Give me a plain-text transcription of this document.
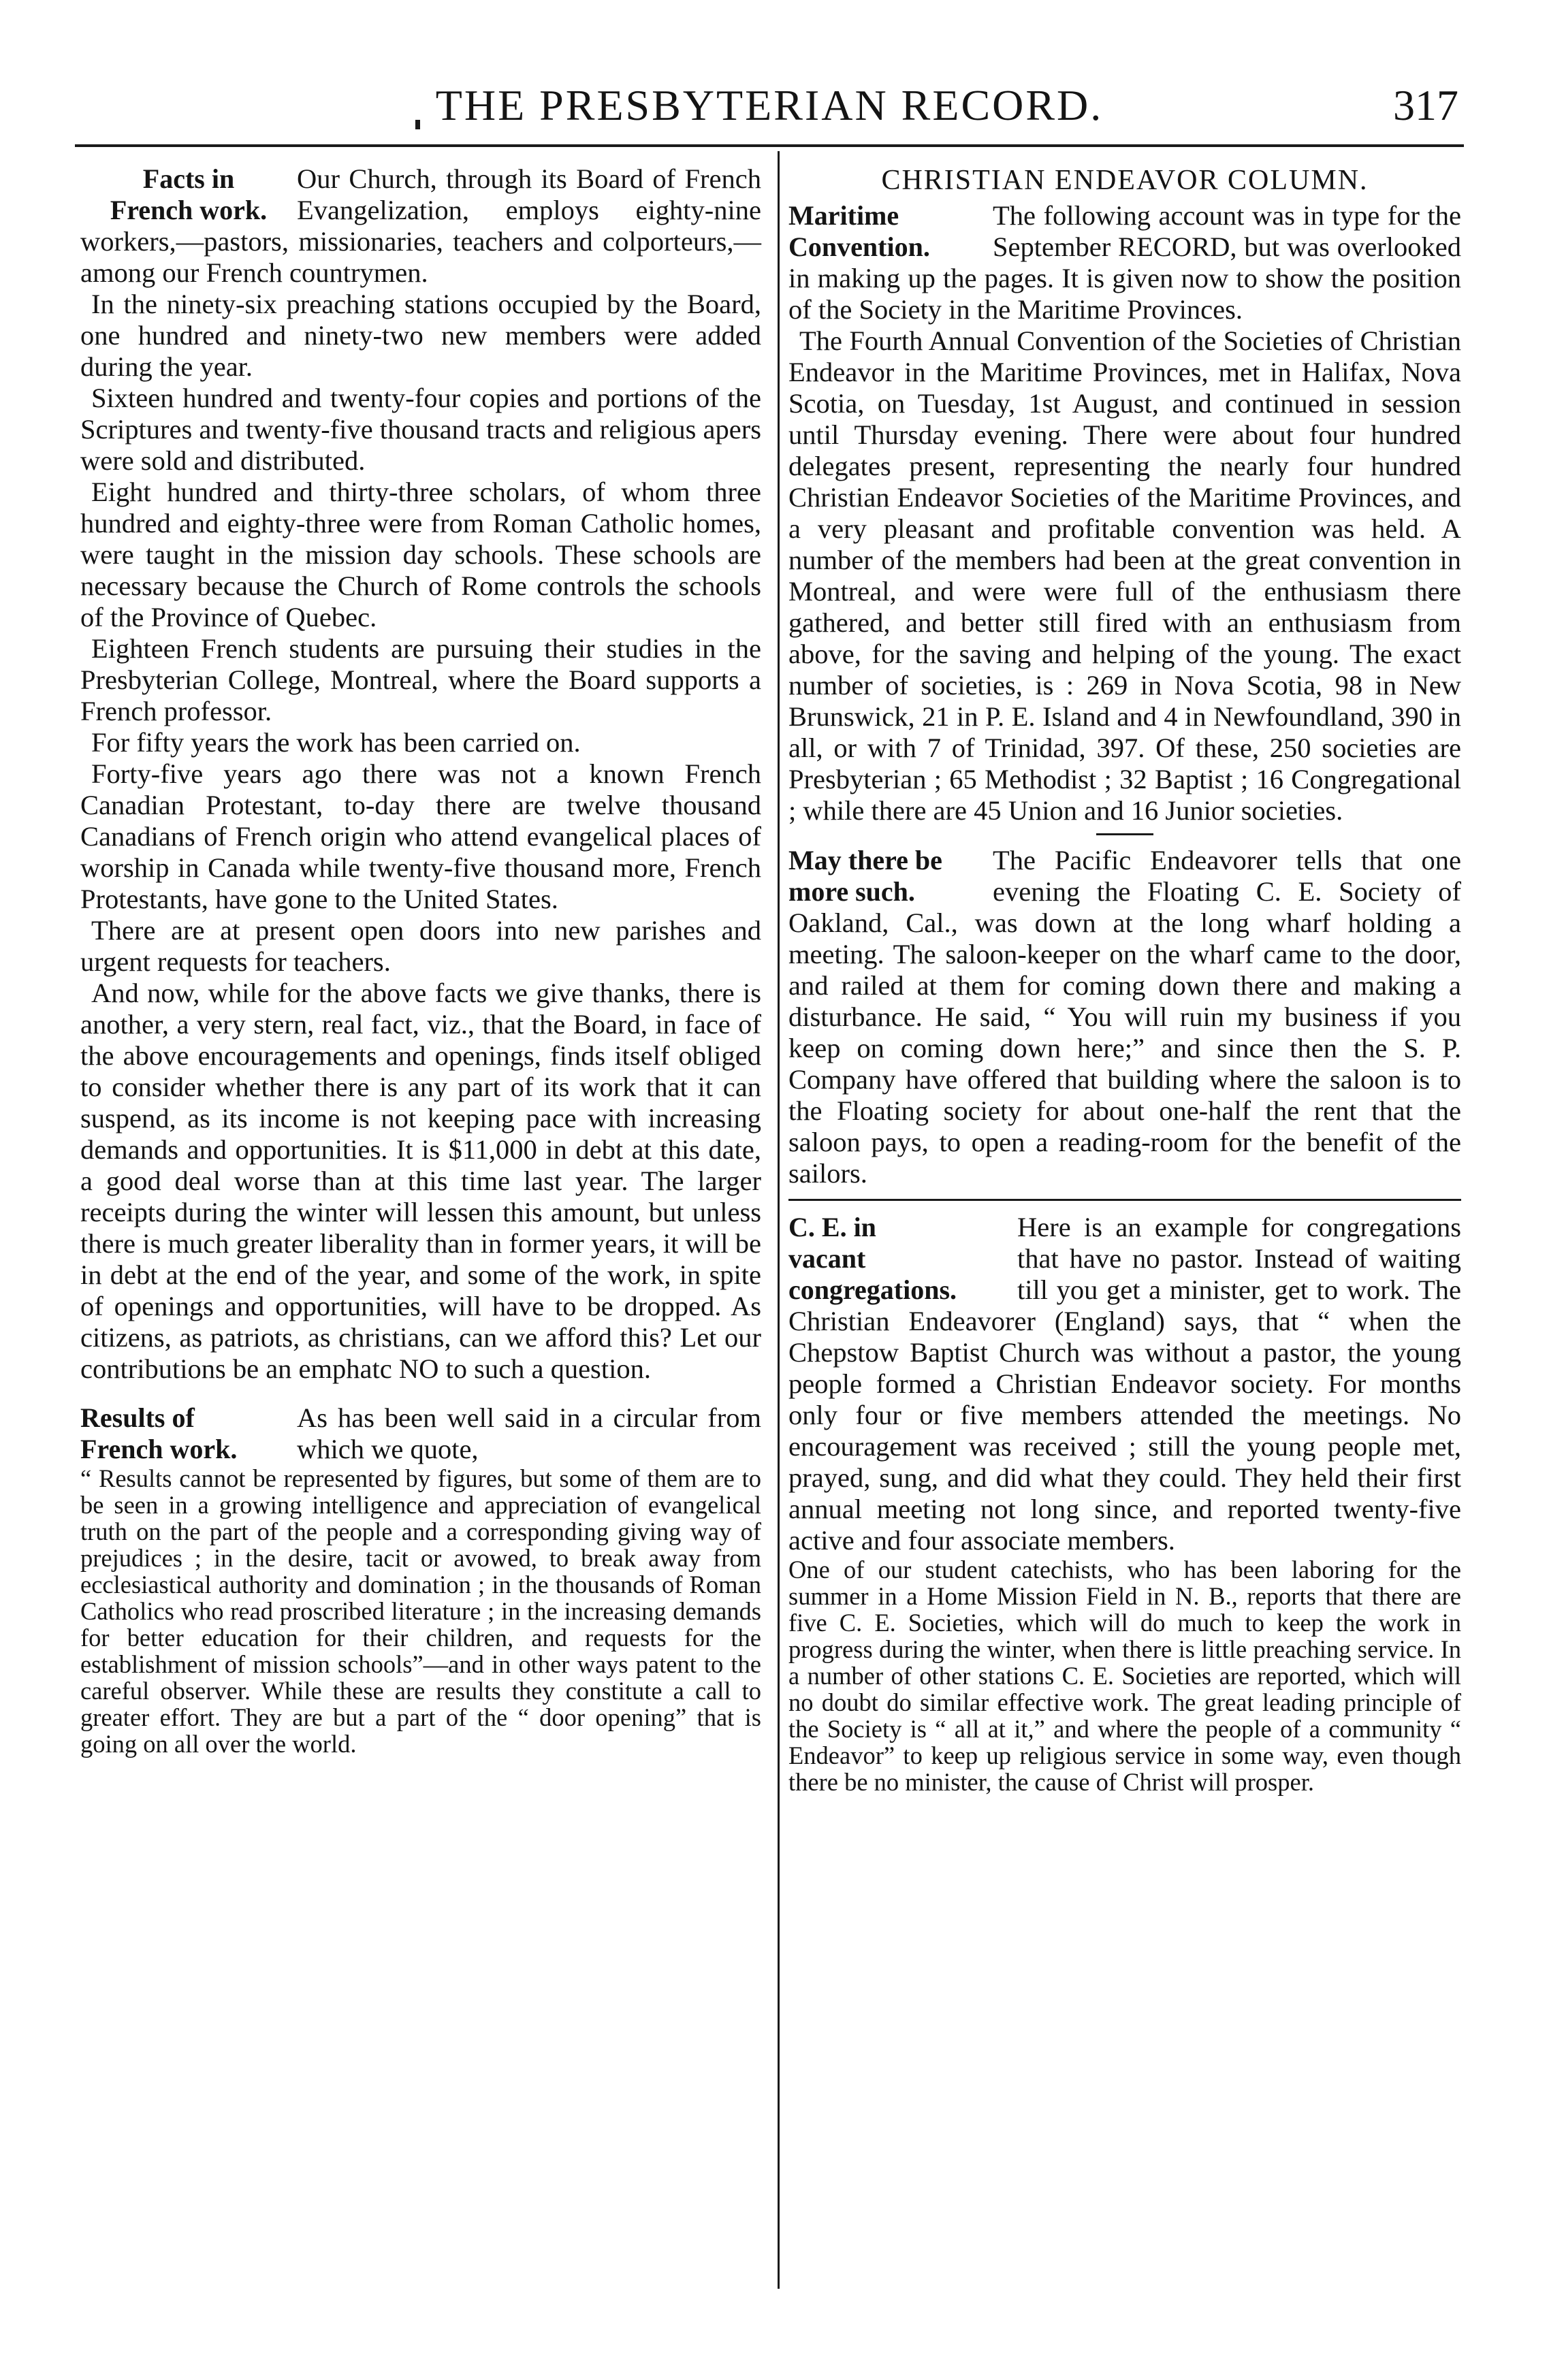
THE PRESBYTERIAN RECORD.	317
Facts in
French work.

Our Church, through its Board of French Evangelization, employs eighty-nine workers,—pastors, missionaries, teachers and colporteurs,—among our French countrymen.

In the ninety-six preaching stations occupied by the Board, one hundred and ninety-two new members were added during the year.

Sixteen hundred and twenty-four copies and portions of the Scriptures and twenty-five thousand tracts and religious apers were sold and distributed.

Eight hundred and thirty-three scholars, of whom three hundred and eighty-three were from Roman Catholic homes, were taught in the mission day schools. These schools are necessary because the Church of Rome controls the schools of the Province of Quebec.

Eighteen French students are pursuing their studies in the Presbyterian College, Montreal, where the Board supports a French professor.

For fifty years the work has been carried on.

Forty-five years ago there was not a known French Canadian Protestant, to-day there are twelve thousand Canadians of French origin who attend evangelical places of worship in Canada while twenty-five thousand more, French Protestants, have gone to the United States.

There are at present open doors into new parishes and urgent requests for teachers.

And now, while for the above facts we give thanks, there is another, a very stern, real fact, viz., that the Board, in face of the above encouragements and openings, finds itself obliged to consider whether there is any part of its work that it can suspend, as its income is not keeping pace with increasing demands and opportunities. It is $11,000 in debt at this date, a good deal worse than at this time last year. The larger receipts during the winter will lessen this amount, but unless there is much greater liberality than in former years, it will be in debt at the end of the year, and some of the work, in spite of openings and opportunities, will have to be dropped. As citizens, as patriots, as christians, can we afford this? Let our contributions be an emphatc NO to such a question.

Results of
French work.

As has been well said in a circular from which we quote,

“ Results cannot be represented by figures, but some of them are to be seen in a growing intelligence and appreciation of evangelical truth on the part of the people and a corresponding giving way of prejudices ; in the desire, tacit or avowed, to break away from ecclesiastical authority and domination ; in the thousands of Roman Catholics who read proscribed literature ; in the increasing demands for better education for their children, and requests for the establishment of mission schools”—and in other ways patent to the careful observer. While these are results they constitute a call to greater effort. They are but a part of the “ door opening” that is going on all over the world.

CHRISTIAN ENDEAVOR COLUMN.
Maritime
Convention.

The following account was in type for the September RECORD, but was overlooked in making up the pages. It is given now to show the position of the Society in the Maritime Provinces.

The Fourth Annual Convention of the Societies of Christian Endeavor in the Maritime Provinces, met in Halifax, Nova Scotia, on Tuesday, 1st August, and continued in session until Thursday evening. There were about four hundred delegates present, representing the nearly four hundred Christian Endeavor Societies of the Maritime Provinces, and a very pleasant and profitable convention was held. A number of the members had been at the great convention in Montreal, and were were full of the enthusiasm there gathered, and better still fired with an enthusiasm from above, for the saving and helping of the young. The exact number of societies, is : 269 in Nova Scotia, 98 in New Brunswick, 21 in P. E. Island and 4 in Newfoundland, 390 in all, or with 7 of Trinidad, 397. Of these, 250 societies are Presbyterian ; 65 Methodist ; 32 Baptist ; 16 Congregational ; while there are 45 Union and 16 Junior societies.

May there be
more such.

The Pacific Endeavorer tells that one evening the Floating C. E. Society of Oakland, Cal., was down at the long wharf holding a meeting. The saloon-keeper on the wharf came to the door, and railed at them for coming down there and making a disturbance. He said, “ You will ruin my business if you keep on coming down here;” and since then the S. P. Company have offered that building where the saloon is to the Floating society for about one-half the rent that the saloon pays, to open a reading-room for the benefit of the sailors.

C. E. in
vacant congregations.

Here is an example for congregations that have no pastor. Instead of waiting till you get a minister, get to work. The Christian Endeavorer (England) says, that “ when the Chepstow Baptist Church was without a pastor, the young people formed a Christian Endeavor society. For months only four or five members attended the meetings. No encouragement was received ; still the young people met, prayed, sung, and did what they could. They held their first annual meeting not long since, and reported twenty-five active and four associate members.

One of our student catechists, who has been laboring for the summer in a Home Mission Field in N. B., reports that there are five C. E. Societies, which will do much to keep the work in progress during the winter, when there is little preaching service. In a number of other stations C. E. Societies are reported, which will no doubt do similar effective work. The great leading principle of the Society is “ all at it,” and where the people of a community “ Endeavor” to keep up religious service in some way, even though there be no minister, the cause of Christ will prosper.
